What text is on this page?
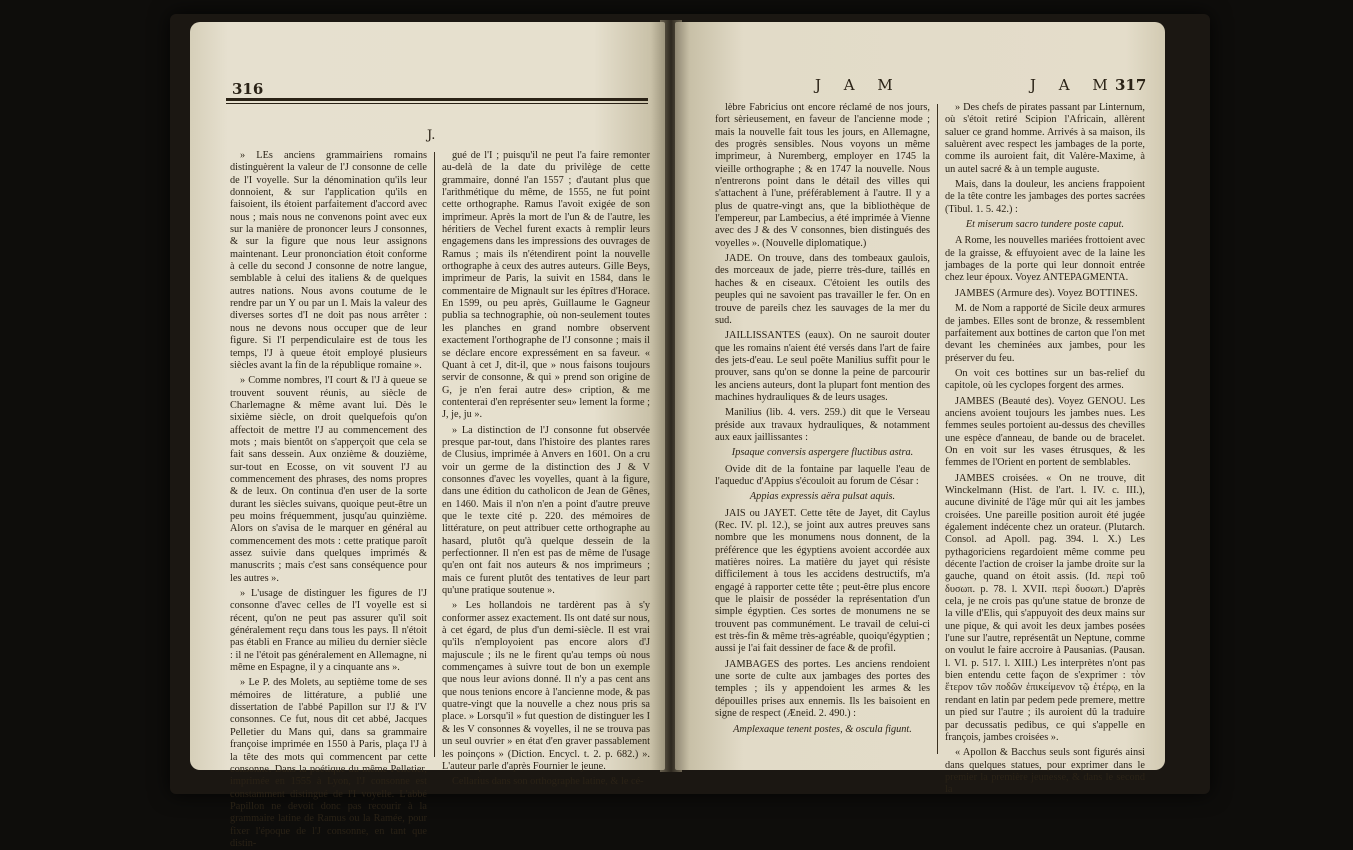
316
J.

» LEs anciens grammairiens romains distinguèrent la valeur de l'J consonne de celle de l'I voyelle. Sur la dénomination qu'ils leur donnoient, & sur l'application qu'ils en faisoient, ils étoient parfaitement d'accord avec nous ; mais nous ne convenons point avec eux sur la manière de prononcer leurs J consonnes, & sur la figure que nous leur assignons maintenant. Leur prononciation étoit conforme à celle du second J consonne de notre langue, semblable à celui des italiens & de quelques autres nations. Nous avons coutume de le rendre par un Y ou par un I. Mais la valeur des diverses sortes d'I ne doit pas nous arrêter : nous ne devons nous occuper que de leur figure. Si l'I perpendiculaire est de tous les temps, l'J à queue étoit employé plusieurs siècles avant la fin de la république romaine ».

» Comme nombres, l'I court & l'J à queue se trouvent souvent réunis, au siècle de Charlemagne & même avant lui. Dès le sixième siècle, on droit quelquefois qu'on affectoit de mettre l'J au commencement des mots ; mais bientôt on s'apperçoit que cela se fait sans dessein. Aux onzième & douzième, sur-tout en Ecosse, on vit souvent l'J au commencement des phrases, des noms propres & de leux. On continua d'en user de la sorte durant les siècles suivans, quoique peut-être un peu moins fréquemment, jusqu'au quinzième. Alors on s'avisa de le marquer en général au commencement des mots : cette pratique paroît assez suivie dans quelques imprimés & manuscrits ; mais c'est sans conséquence pour les autres ».

» L'usage de distinguer les figures de l'J consonne d'avec celles de l'I voyelle est si récent, qu'on ne peut pas assurer qu'il soit généralement reçu dans tous les pays. Il n'étoit pas établi en France au milieu du dernier siècle : il ne l'étoit pas généralement en Allemagne, ni même en Espagne, il y a cinquante ans ».

» Le P. des Molets, au septième tome de ses mémoires de littérature, a publié une dissertation de l'abbé Papillon sur l'J & l'V consonnes. Ce fut, nous dit cet abbé, Jacques Pelletier du Mans qui, dans sa grammaire françoise imprimée en 1550 à Paris, plaça l'J à la tête des mots qui commencent par cette consonne. Dans la poétique du même Pelletier, imprimée en 1555 à Lyon, l'J consonne est constamment distingué de l'I voyelle. L'abbé Papillon ne devoit donc pas recourir à la grammaire latine de Ramus ou la Ramée, pour fixer l'époque de l'J consonne, en tant que distin-

gué de l'I ; puisqu'il ne peut l'a faire remonter au-delà de la date du privilège de cette grammaire, donné l'an 1557 ; d'autant plus que l'arithmétique du même, de 1555, ne fut point cette orthographe. Ramus l'avoit exigée de son imprimeur. Après la mort de l'un & de l'autre, les héritiers de Vechel furent exacts à remplir leurs engagemens dans les impressions des ouvrages de Ramus ; mais ils n'étendirent point la nouvelle orthographe à ceux des autres auteurs. Gille Beys, imprimeur de Paris, la suivit en 1584, dans le commentaire de Mignault sur les épîtres d'Horace. En 1599, ou peu après, Guillaume le Gagneur publia sa technographie, où non-seulement toutes les planches en grand nombre observent exactement l'orthographe de l'J consonne ; mais il se déclare encore expressément en sa faveur. « Quant à cet J, dit-il, que » nous faisons toujours servir de consonne, & qui » prend son origine de G, je n'en ferai autre des» cription, & me contenterai d'en représenter seu» lement la forme ; J, je, ju ».

» La distinction de l'J consonne fut observée presque par-tout, dans l'histoire des plantes rares de Clusius, imprimée à Anvers en 1601. On a cru voir un germe de la distinction des J & V consonnes d'avec les voyelles, quant à la figure, dans une édition du catholicon de Jean de Gênes, en 1460. Mais il n'on n'en a point d'autre preuve que le texte cité p. 220. des mémoires de littérature, on peut attribuer cette orthographe au hasard, plutôt qu'à quelque dessein de la perfectionner. Il n'en est pas de même de l'usage qu'en ont fait nos auteurs & nos imprimeurs ; mais ce furent plutôt des tentatives de leur part qu'une pratique soutenue ».

» Les hollandois ne tardèrent pas à s'y conformer assez exactement. Ils ont daté sur nous, à cet égard, de plus d'un demi-siècle. Il est vrai qu'ils n'employoient pas encore alors d'J majuscule ; ils ne le firent qu'au temps où nous commençames à suivre tout de bon un exemple que nous leur avions donné. Il n'y a pas cent ans que nous tenions encore à l'ancienne mode, & pas quatre-vingt que la nouvelle a chez nous pris sa place. » Lorsqu'il » fut question de distinguer les I & les V consonnes & voyelles, il ne se trouva pas un seul ouvrier » en état d'en graver passablement les poinçons » (Diction. Encycl. t. 2. p. 682.) ». L'auteur parle d'après Fournier le jeune.

Cellarius dans son orthographe latine, & le cé-

J A M	J A M
317

lèbre Fabricius ont encore réclamé de nos jours, fort sèrieusement, en faveur de l'ancienne mode ; mais la nouvelle fait tous les jours, en Allemagne, des progrès sensibles. Nous voyons un même imprimeur, à Nuremberg, employer en 1745 la vieille orthographe ; & en 1747 la nouvelle. Nous n'entrerons point dans le détail des villes qui s'attachent à l'une, préférablement à l'autre. Il y a plus de quatre-vingt ans, que la bibliothèque de l'empereur, par Lambecius, a été imprimée à Vienne avec des J & des V consonnes, bien distingués des voyelles ». (Nouvelle diplomatique.)

JADE. On trouve, dans des tombeaux gaulois, des morceaux de jade, pierre très-dure, taillés en haches & en ciseaux. C'étoient les outils des peuples qui ne savoient pas travailler le fer. On en trouve de pareils chez les sauvages de la mer du sud.

JAILLISSANTES (eaux). On ne sauroit douter que les romains n'aient été versés dans l'art de faire des jets-d'eau. Le seul poëte Manilius suffit pour le prouver, sans qu'on se donne la peine de parcourir les anciens auteurs, dont la plupart font mention des machines hydrauliques & de leurs usages.

Manilius (lib. 4. vers. 259.) dit que le Verseau préside aux travaux hydrauliques, & notamment aux eaux jaillissantes :

Ipsaque conversis aspergere fluctibus astra.

Ovide dit de la fontaine par laquelle l'eau de l'aqueduc d'Appius s'écouloit au forum de César :

Appias expressis aëra pulsat aquis.

JAIS ou JAYET. Cette tête de Jayet, dit Caylus (Rec. IV. pl. 12.), se joint aux autres preuves sans nombre que les monumens nous donnent, de la préférence que les égyptiens avoient accordée aux matières noires. La matière du jayet qui résiste difficilement à tous les accidens destructifs, m'a engagé à rapporter cette tête ; peut-être plus encore que le plaisir de posséder la représentation d'un simple égyptien. Ces sortes de monumens ne se trouvent pas communément. Le travail de celui-ci est très-fin & même très-agréable, quoiqu'égyptien ; aussi je l'ai fait dessiner de face & de profil.

JAMBAGES des portes. Les anciens rendoient une sorte de culte aux jambages des portes des temples ; ils y appendoient les armes & les dépouilles prises aux ennemis. Ils les baisoient en signe de respect (Æneid. 2. 490.) :

Amplexaque tenent postes, & oscula figunt.

» Des chefs de pirates passant par Linternum, où s'étoit retiré Scipion l'Africain, allèrent saluer ce grand homme. Arrivés à sa maison, ils saluèrent avec respect les jambages de la porte, comme ils auroient fait, dit Valère-Maxime, à un autel sacré & à un temple auguste.

Mais, dans la douleur, les anciens frappoient de la tête contre les jambages des portes sacrées (Tibul. 1. 5. 42.) :

Et miserum sacro tundere poste caput.

A Rome, les nouvelles mariées frottoient avec de la graisse, & effuyoient avec de la laine les jambages de la porte qui leur donnoit entrée chez leur époux. Voyez ANTEPAGMENTA.

JAMBES (Armure des). Voyez BOTTINES.

M. de Nom a rapporté de Sicile deux armures de jambes. Elles sont de bronze, & ressemblent parfaitement aux bottines de carton que l'on met devant les cheminées aux jambes, pour les préserver du feu.

On voit ces bottines sur un bas-relief du capitole, où les cyclopes forgent des armes.

JAMBES (Beauté des). Voyez GENOU. Les anciens avoient toujours les jambes nues. Les femmes seules portoient au-dessus des chevilles une espèce d'anneau, de bande ou de bracelet. On en voit sur les vases étrusques, & les femmes de l'Orient en portent de semblables.

JAMBES croisées. « On ne trouve, dit Winckelmann (Hist. de l'art. l. IV. c. III.), aucune divinité de l'âge mûr qui ait les jambes croisées. Une pareille position auroit été jugée également indécente chez un orateur. (Plutarch. Consol. ad Apoll. pag. 394. l. X.) Les pythagoriciens regardoient même comme peu décente l'action de croiser la jambe droite sur la gauche, quand on étoit assis. (Id. περὶ τοῦ δυσωπ. p. 78. l. XVII. περὶ δυσωπ.) D'après cela, je ne crois pas qu'une statue de bronze de la ville d'Elis, qui s'appuyoit des deux mains sur une pique, & qui avoit les deux jambes posées l'une sur l'autre, représentât un Neptune, comme on voulut le faire accroire à Pausanias. (Pausan. l. VI. p. 517. l. XIII.) Les interprètes n'ont pas bien entendu cette façon de s'exprimer : τὸν ἕτερον τῶν ποδῶν ἐπικείμενον τῷ ἑτέρῳ, en la rendant en latin par pedem pede premere, mettre un pied sur l'autre ; ils auroient dû la traduire par decussatis pedibus, ce qui s'appelle en françois, jambes croisées ».

« Apollon & Bacchus seuls sont figurés ainsi dans quelques statues, pour exprimer dans le premier la première jeunesse, & dans le second la
